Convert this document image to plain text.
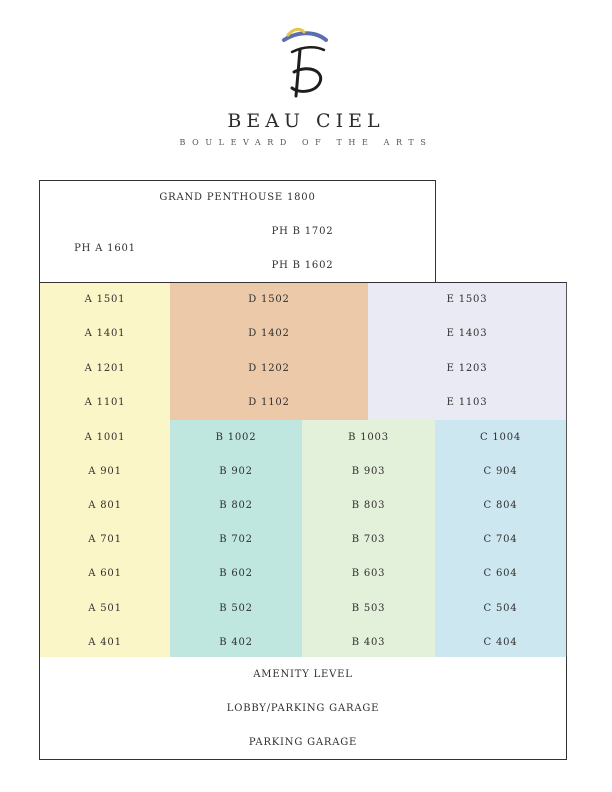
BEAU CIEL
BOULEVARD OF THE ARTS
GRAND PENTHOUSE 1800
PH A 1601
PH B 1702
PH B 1602
A 1501	D 1502	E 1503
A 1401	D 1402	E 1403
A 1201	D 1202	E 1203
A 1101	D 1102	E 1103
A 1001	B 1002	B 1003	C 1004
A 901	B 902	B 903	C 904
A 801	B 802	B 803	C 804
A 701	B 702	B 703	C 704
A 601	B 602	B 603	C 604
A 501	B 502	B 503	C 504
A 401	B 402	B 403	C 404
AMENITY LEVEL
LOBBY/PARKING GARAGE
PARKING GARAGE
